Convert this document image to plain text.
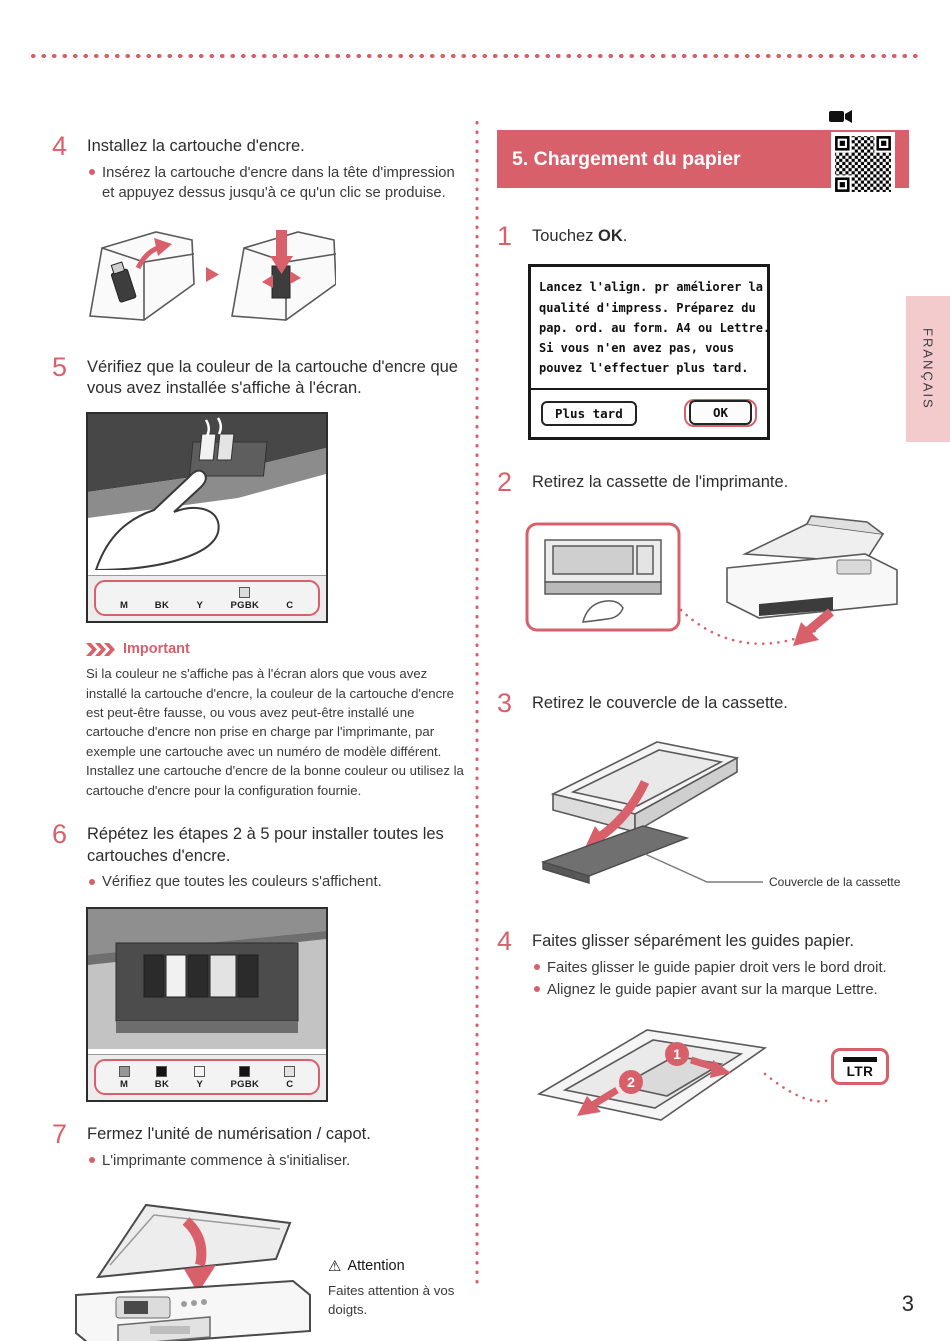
FRANÇAIS
3
4	Installez la cartouche d'encre.
Insérez la cartouche d'encre dans la tête d'impression et appuyez dessus jusqu'à ce qu'un clic se produise.
5	Vérifiez que la couleur de la cartouche d'encre que vous avez installée s'affiche à l'écran.
M	BK	Y	PGBK	C
Important
Si la couleur ne s'affiche pas à l'écran alors que vous avez installé la cartouche d'encre, la couleur de la cartouche d'encre est peut-être fausse, ou vous avez peut-être installé une cartouche d'encre non prise en charge par l'imprimante, par exemple une cartouche avec un numéro de modèle différent. Installez une cartouche d'encre de la bonne couleur ou utilisez la cartouche d'encre pour la configuration fournie.
6	Répétez les étapes 2 à 5 pour installer toutes les cartouches d'encre.
Vérifiez que toutes les couleurs s'affichent.
M	BK	Y	PGBK	C
7	Fermez l'unité de numérisation / capot.
L'imprimante commence à s'initialiser.
⚠ Attention
Faites attention à vos doigts.
5. Chargement du papier
1	Touchez OK.
Lancez l'align. pr améliorer la
qualité d'impress. Préparez du
pap. ord. au form. A4 ou Lettre.
Si vous n'en avez pas, vous
pouvez l'effectuer plus tard.
Plus tard	OK
2	Retirez la cassette de l'imprimante.
3	Retirez le couvercle de la cassette.
Couvercle de la cassette
4	Faites glisser séparément les guides papier.
Faites glisser le guide papier droit vers le bord droit.
Alignez le guide papier avant sur la marque Lettre.
1
2
LTR
